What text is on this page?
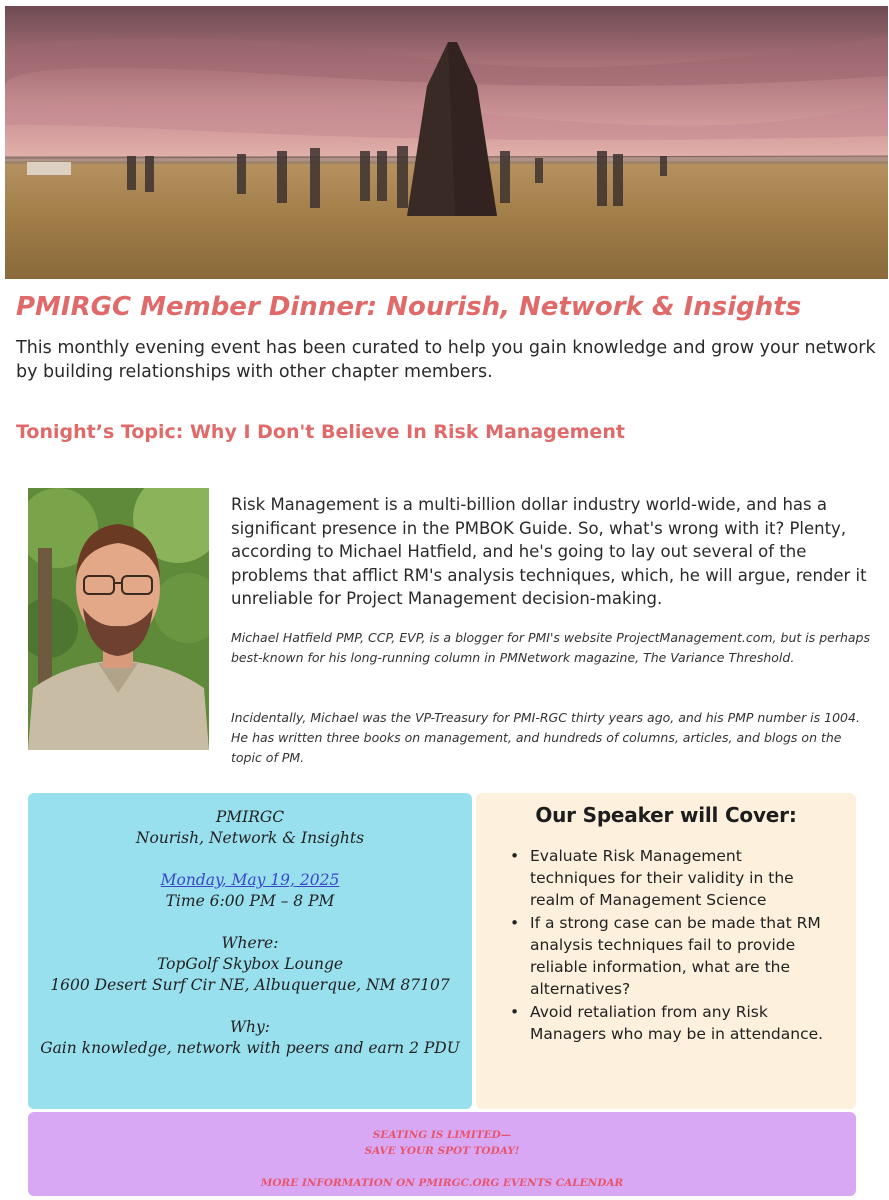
PMIRGC Member Dinner: Nourish, Network & Insights
This monthly evening event has been curated to help you gain knowledge and grow your network by building relationships with other chapter members.
Tonight’s Topic: Why I Don't Believe In Risk Management
Risk Management is a multi-billion dollar industry world-wide, and has a significant presence in the PMBOK Guide. So, what's wrong with it? Plenty, according to Michael Hatfield, and he's going to lay out several of the problems that afflict RM's analysis techniques, which, he will argue, render it unreliable for Project Management decision-making.
Michael Hatfield PMP, CCP, EVP, is a blogger for PMI's website ProjectManagement.com, but is perhaps best-known for his long-running column in PMNetwork magazine, The Variance Threshold.
Incidentally, Michael was the VP-Treasury for PMI-RGC thirty years ago, and his PMP number is 1004. He has written three books on management, and hundreds of columns, articles, and blogs on the topic of PM.
PMIRGC
Nourish, Network & Insights
Monday, May 19, 2025
Time 6:00 PM – 8 PM
Where:
TopGolf Skybox Lounge
1600 Desert Surf Cir NE, Albuquerque, NM 87107
Why:
Gain knowledge, network with peers and earn 2 PDU
Our Speaker will Cover:
• Evaluate Risk Management techniques for their validity in the realm of Management Science
• If a strong case can be made that RM analysis techniques fail to provide reliable information, what are the alternatives?
• Avoid retaliation from any Risk Managers who may be in attendance.
SEATING IS LIMITED—
SAVE YOUR SPOT TODAY!
MORE INFORMATION ON PMIRGC.ORG EVENTS CALENDAR
